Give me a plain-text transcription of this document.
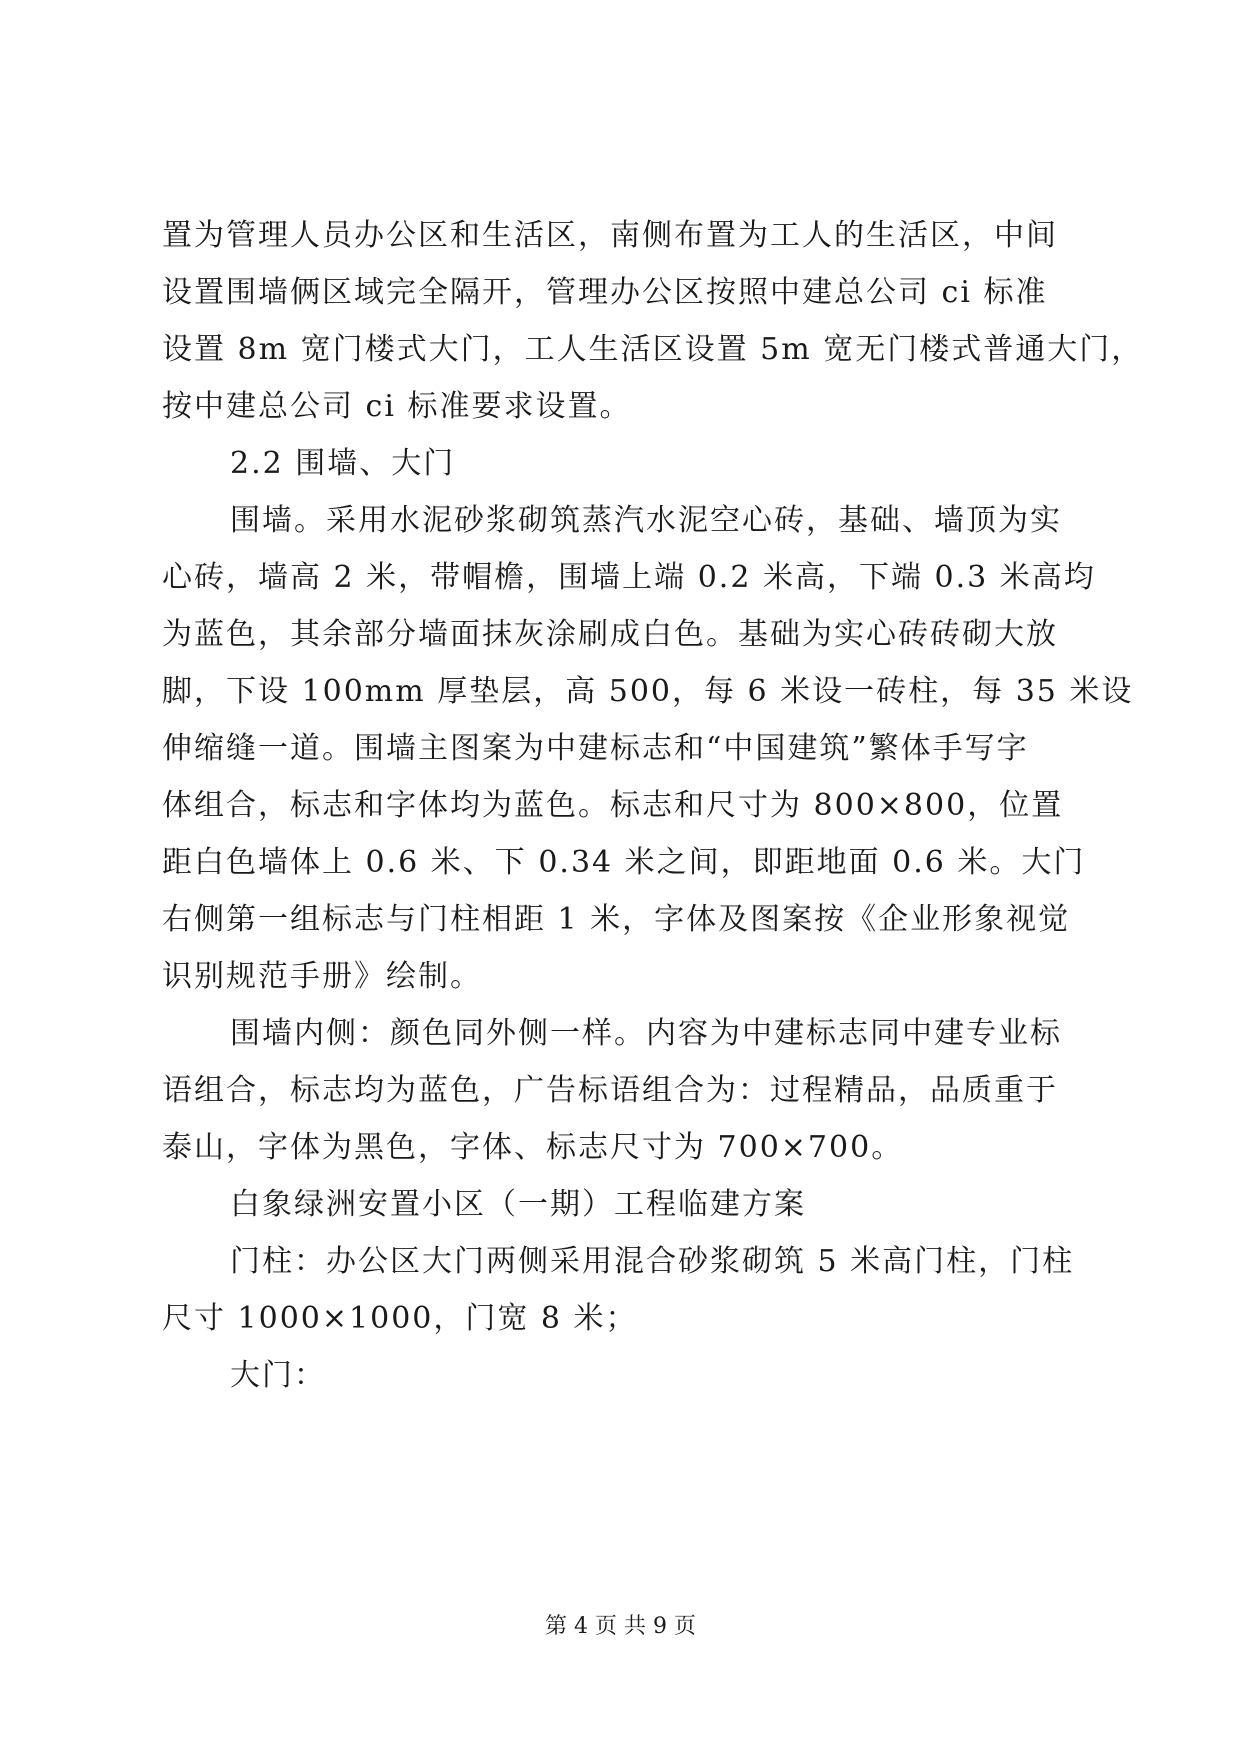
置为管理人员办公区和生活区，南侧布置为工人的生活区，中间
设置围墙俩区域完全隔开，管理办公区按照中建总公司 ci 标准
设置 8m 宽门楼式大门，工人生活区设置 5m 宽无门楼式普通大门，
按中建总公司 ci 标准要求设置。
2.2 围墙、大门
围墙。采用水泥砂浆砌筑蒸汽水泥空心砖，基础、墙顶为实
心砖，墙高 2 米，带帽檐，围墙上端 0.2 米高，下端 0.3 米高均
为蓝色，其余部分墙面抹灰涂刷成白色。基础为实心砖砖砌大放
脚，下设 100mm 厚垫层，高 500，每 6 米设一砖柱，每 35 米设
伸缩缝一道。围墙主图案为中建标志和“中国建筑”繁体手写字
体组合，标志和字体均为蓝色。标志和尺寸为 800×800，位置
距白色墙体上 0.6 米、下 0.34 米之间，即距地面 0.6 米。大门
右侧第一组标志与门柱相距 1 米，字体及图案按《企业形象视觉
识别规范手册》绘制。
围墙内侧：颜色同外侧一样。内容为中建标志同中建专业标
语组合，标志均为蓝色，广告标语组合为：过程精品，品质重于
泰山，字体为黑色，字体、标志尺寸为 700×700。
白象绿洲安置小区（一期）工程临建方案
门柱：办公区大门两侧采用混合砂浆砌筑 5 米高门柱，门柱
尺寸 1000×1000，门宽 8 米；
大门：
第 4 页 共 9 页
